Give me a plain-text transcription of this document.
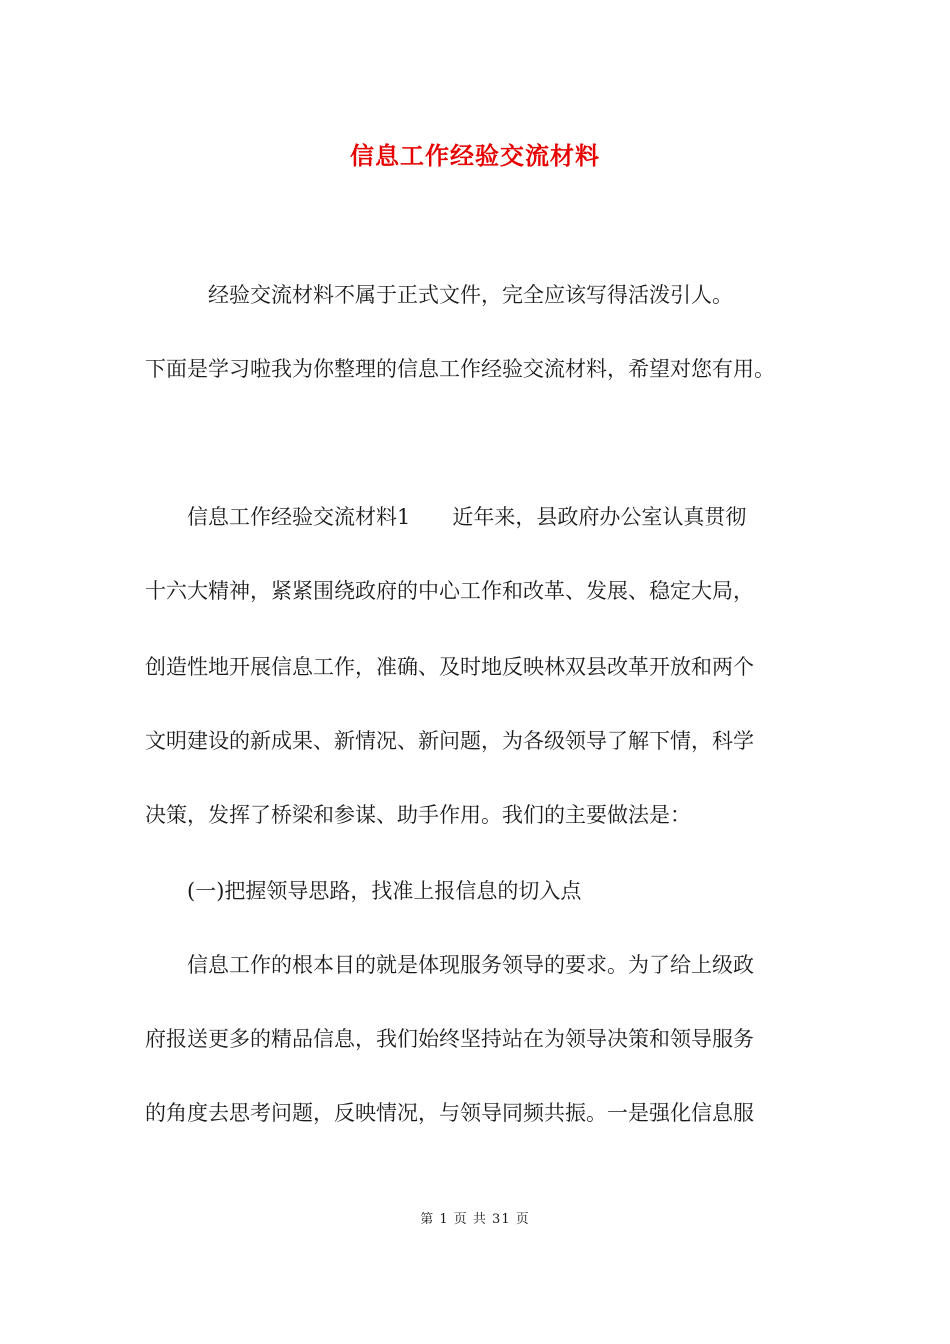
信息工作经验交流材料
　　　经验交流材料不属于正式文件，完全应该写得活泼引人。
下面是学习啦我为你整理的信息工作经验交流材料，希望对您有用。
　　信息工作经验交流材料1　　近年来，县政府办公室认真贯彻
十六大精神，紧紧围绕政府的中心工作和改革、发展、稳定大局，
创造性地开展信息工作，准确、及时地反映林双县改革开放和两个
文明建设的新成果、新情况、新问题，为各级领导了解下情，科学
决策，发挥了桥梁和参谋、助手作用。我们的主要做法是：
　　(一)把握领导思路，找准上报信息的切入点
　　信息工作的根本目的就是体现服务领导的要求。为了给上级政
府报送更多的精品信息，我们始终坚持站在为领导决策和领导服务
的角度去思考问题，反映情况，与领导同频共振。一是强化信息服
第 1 页 共 31 页
